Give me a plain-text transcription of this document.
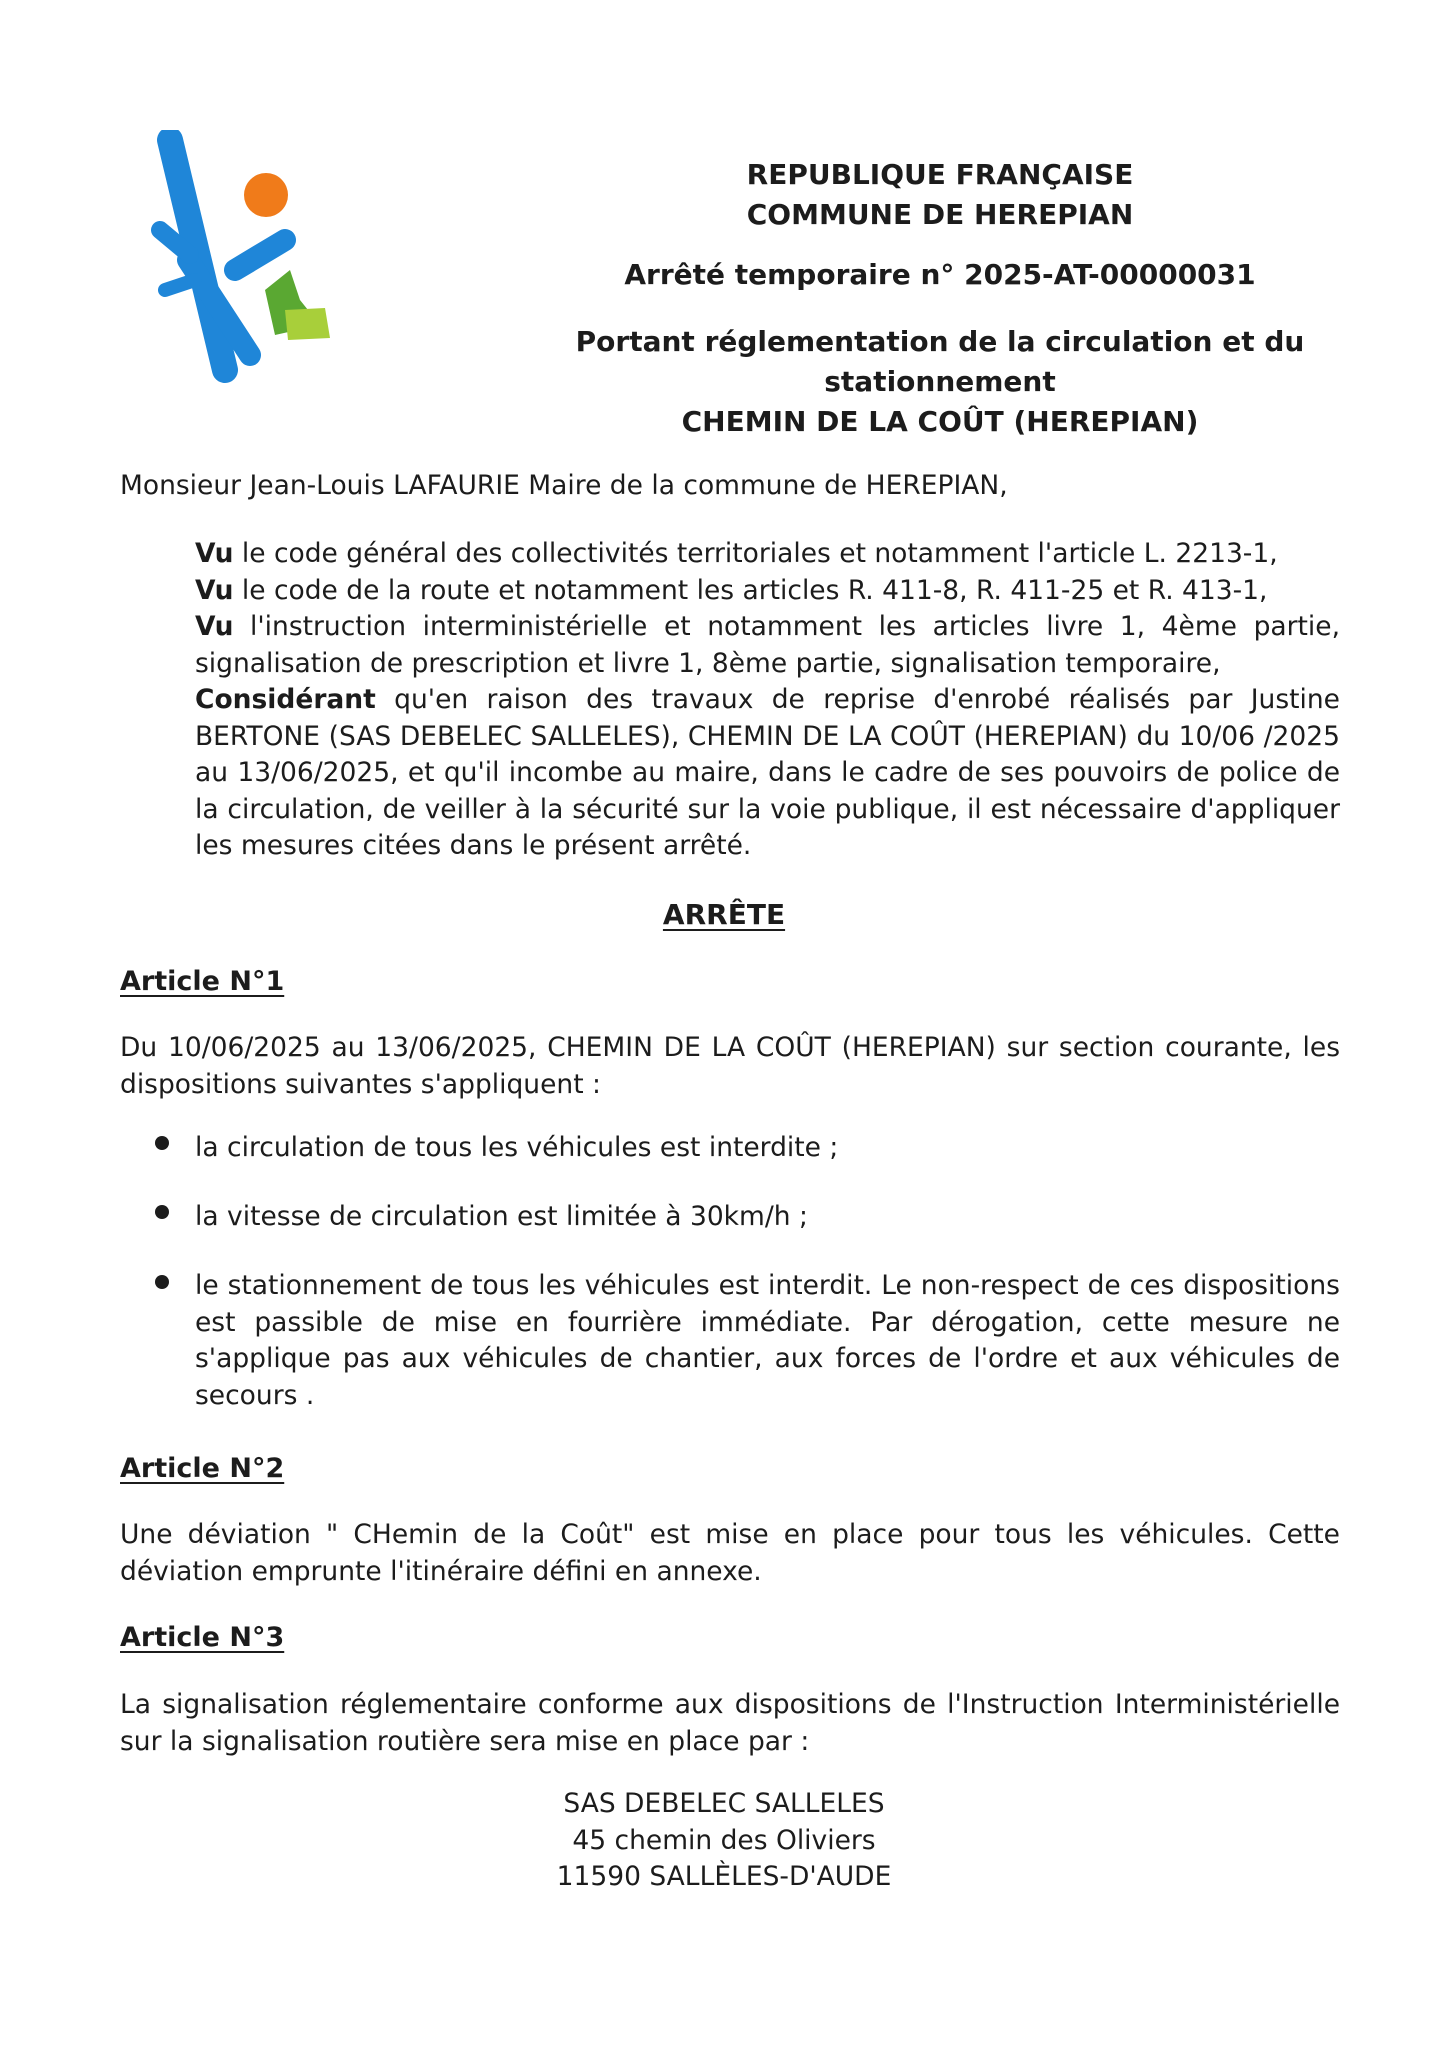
REPUBLIQUE FRANÇAISE
COMMUNE DE HEREPIAN
Arrêté temporaire n° 2025-AT-00000031
Portant réglementation de la circulation et du
stationnement
CHEMIN DE LA COÛT (HEREPIAN)
Monsieur Jean-Louis LAFAURIE Maire de la commune de HEREPIAN,
Vu le code général des collectivités territoriales et notamment l'article L. 2213-1,
Vu le code de la route et notamment les articles R. 411-8, R. 411-25 et R. 413-1,
Vu l'instruction interministérielle et notamment les articles livre 1, 4ème partie, signalisation de prescription et livre 1, 8ème partie, signalisation temporaire,
Considérant qu'en raison des travaux de reprise d'enrobé réalisés par Justine BERTONE (SAS DEBELEC SALLELES), CHEMIN DE LA COÛT (HEREPIAN) du 10/06 /2025 au 13/06/2025, et qu'il incombe au maire, dans le cadre de ses pouvoirs de police de la circulation, de veiller à la sécurité sur la voie publique, il est nécessaire d'appliquer les mesures citées dans le présent arrêté.
ARRÊTE
Article N°1
Du 10/06/2025 au 13/06/2025, CHEMIN DE LA COÛT (HEREPIAN) sur section courante, les dispositions suivantes s'appliquent :
la circulation de tous les véhicules est interdite ;
la vitesse de circulation est limitée à 30km/h ;
le stationnement de tous les véhicules est interdit. Le non-respect de ces dispositions est passible de mise en fourrière immédiate. Par dérogation, cette mesure ne s'applique pas aux véhicules de chantier, aux forces de l'ordre et aux véhicules de secours .
Article N°2
Une déviation " CHemin de la Coût" est mise en place pour tous les véhicules. Cette déviation emprunte l'itinéraire défini en annexe.
Article N°3
La signalisation réglementaire conforme aux dispositions de l'Instruction Interministérielle sur la signalisation routière sera mise en place par :
SAS DEBELEC SALLELES
45 chemin des Oliviers
11590 SALLÈLES-D'AUDE
